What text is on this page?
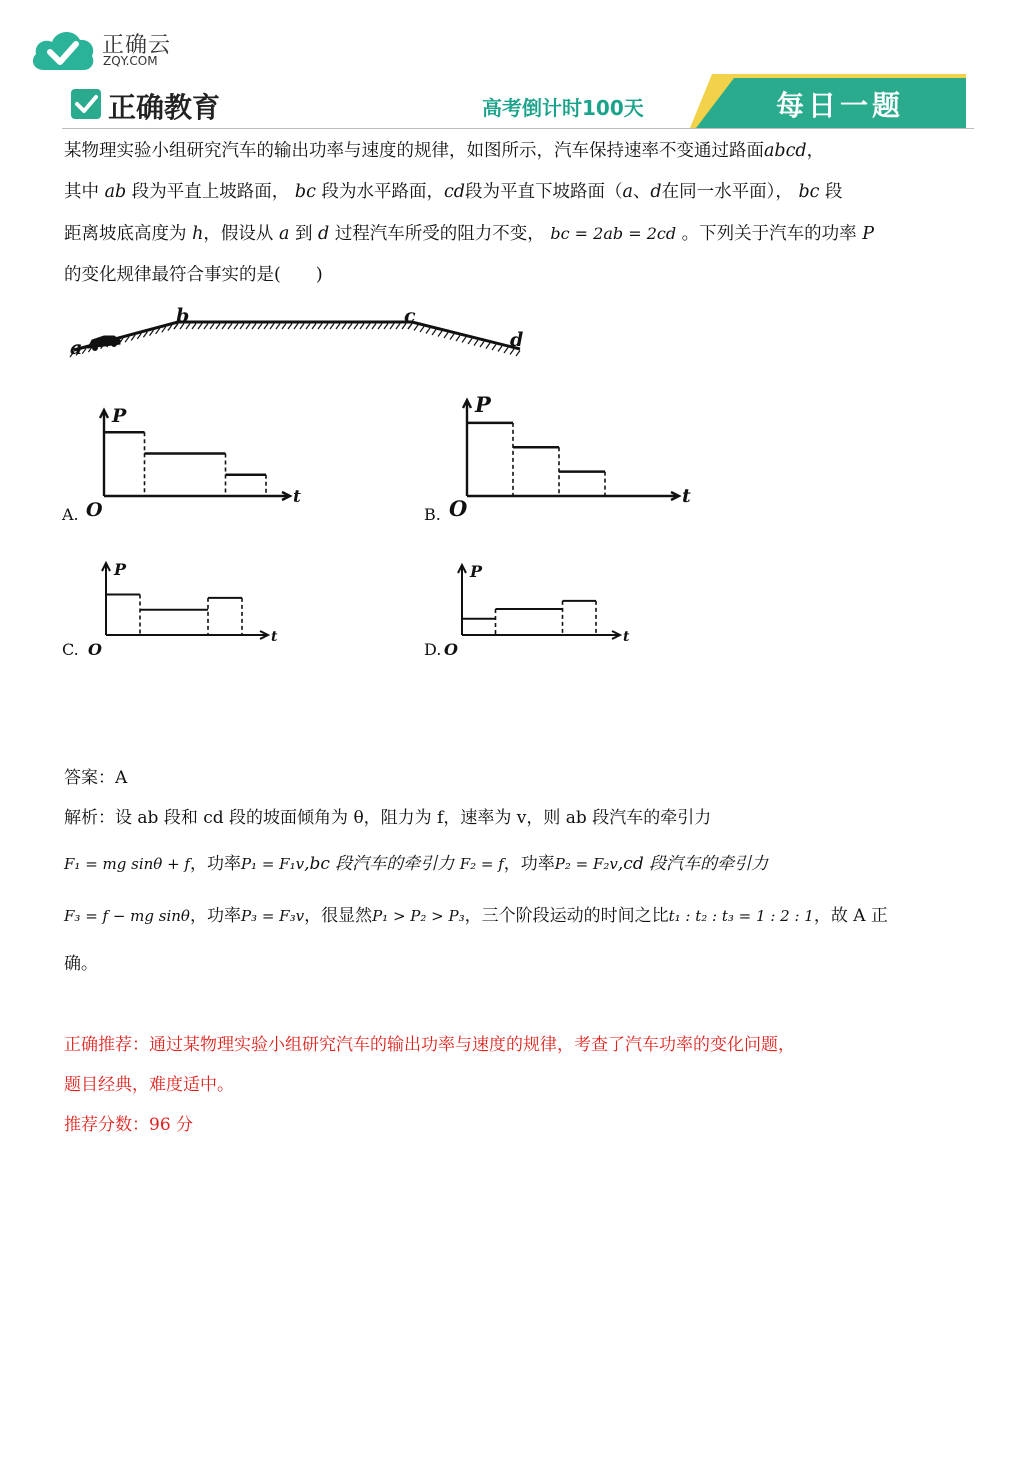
正确云
ZQY.COM
正确教育	高考倒计时100天	每日一题
某物理实验小组研究汽车的输出功率与速度的规律，如图所示，汽车保持速率不变通过路面abcd，
其中 ab 段为平直上坡路面， bc 段为水平路面，cd段为平直下坡路面（a、d在同一水平面）， bc 段
距离坡底高度为 h，假设从 a 到 d 过程汽车所受的阻力不变， bc = 2ab = 2cd 。下列关于汽车的功率 P
的变化规律最符合事实的是(　　)
a
b	c
d
A. O
P
t
B. O
P
t
C. O
P
t
D. O
P
t
答案：A
解析：设 ab 段和 cd 段的坡面倾角为 θ，阻力为 f，速率为 v，则 ab 段汽车的牵引力
F₁ = mg sinθ + f，功率P₁ = F₁v,bc 段汽车的牵引力 F₂ = f，功率P₂ = F₂v,cd 段汽车的牵引力
F₃ = f − mg sinθ，功率P₃ = F₃v，很显然P₁ > P₂ > P₃，三个阶段运动的时间之比t₁ : t₂ : t₃ = 1 : 2 : 1，故 A 正
确。
正确推荐：通过某物理实验小组研究汽车的输出功率与速度的规律，考查了汽车功率的变化问题，
题目经典，难度适中。
推荐分数：96 分
